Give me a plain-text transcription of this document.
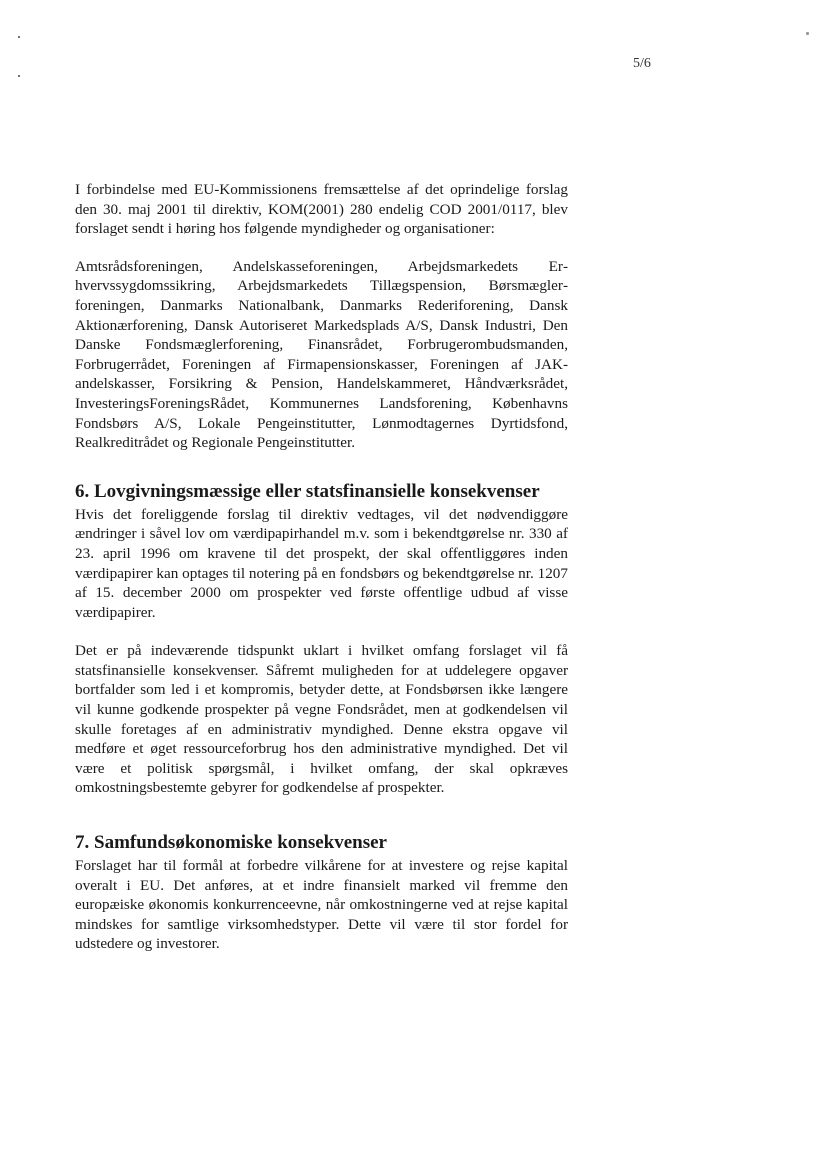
5/6

I forbindelse med EU-Kommissionens fremsættelse af det oprindelige forslag den 30. maj 2001 til direktiv, KOM(2001) 280 endelig COD 2001/0117, blev forslaget sendt i høring hos følgende myndigheder og organisationer:

Amtsrådsforeningen, Andelskasseforeningen, Arbejdsmarkedets Erhvervssygdomssikring, Arbejdsmarkedets Tillægspension, Børsmæglerforeningen, Danmarks Nationalbank, Danmarks Rederiforening, Dansk Aktionærforening, Dansk Autoriseret Markedsplads A/S, Dansk Industri, Den Danske Fondsmæglerforening, Finansrådet, Forbrugerombudsmanden, Forbrugerrådet, Foreningen af Firmapensionskasser, Foreningen af JAK-andelskasser, Forsikring & Pension, Handelskammeret, Håndværksrådet, InvesteringsForeningsRådet, Kommunernes Landsforening, Københavns Fondsbørs A/S, Lokale Pengeinstitutter, Lønmodtagernes Dyrtidsfond, Realkreditrådet og Regionale Pengeinstitutter.

6. Lovgivningsmæssige eller statsfinansielle konsekvenser

Hvis det foreliggende forslag til direktiv vedtages, vil det nødvendiggøre ændringer i såvel lov om værdipapirhandel m.v. som i bekendtgørelse nr. 330 af 23. april 1996 om kravene til det prospekt, der skal offentliggøres inden værdipapirer kan optages til notering på en fondsbørs og bekendtgørelse nr. 1207 af 15. december 2000 om prospekter ved første offentlige udbud af visse værdipapirer.

Det er på indeværende tidspunkt uklart i hvilket omfang forslaget vil få statsfinansielle konsekvenser. Såfremt muligheden for at uddelegere opgaver bortfalder som led i et kompromis, betyder dette, at Fondsbørsen ikke længere vil kunne godkende prospekter på vegne Fondsrådet, men at godkendelsen vil skulle foretages af en administrativ myndighed. Denne ekstra opgave vil medføre et øget ressourceforbrug hos den administrative myndighed. Det vil være et politisk spørgsmål, i hvilket omfang, der skal opkræves omkostningsbestemte gebyrer for godkendelse af prospekter.

7. Samfundsøkonomiske konsekvenser

Forslaget har til formål at forbedre vilkårene for at investere og rejse kapital overalt i EU. Det anføres, at et indre finansielt marked vil fremme den europæiske økonomis konkurrenceevne, når omkostningerne ved at rejse kapital mindskes for samtlige virksomhedstyper. Dette vil være til stor fordel for udstedere og investorer.
